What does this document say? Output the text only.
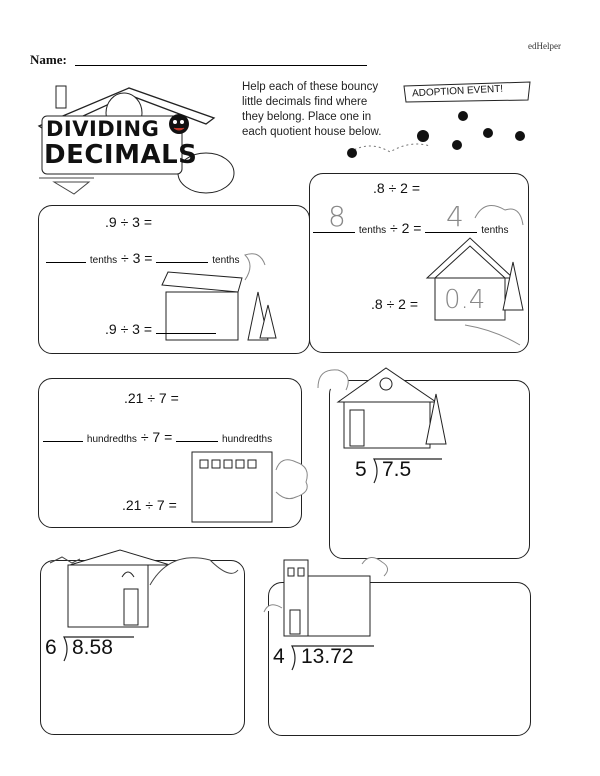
edHelper
Name:
DIVIDING
DECIMALS
Help each of these bouncy
little decimals find where
they belong. Place one in
each quotient house below.
ADOPTION EVENT!
.9 ÷ 3 =
tenths ÷ 3 =	tenths
.9 ÷ 3 =
.8 ÷ 2 =
8	tenths ÷ 2 =	tenths
4
.8 ÷ 2 = 0.4
.21 ÷ 7 =
hundredths ÷ 7 =	hundredths
.21 ÷ 7 =
5 7.5
6 8.58	4 13.72
